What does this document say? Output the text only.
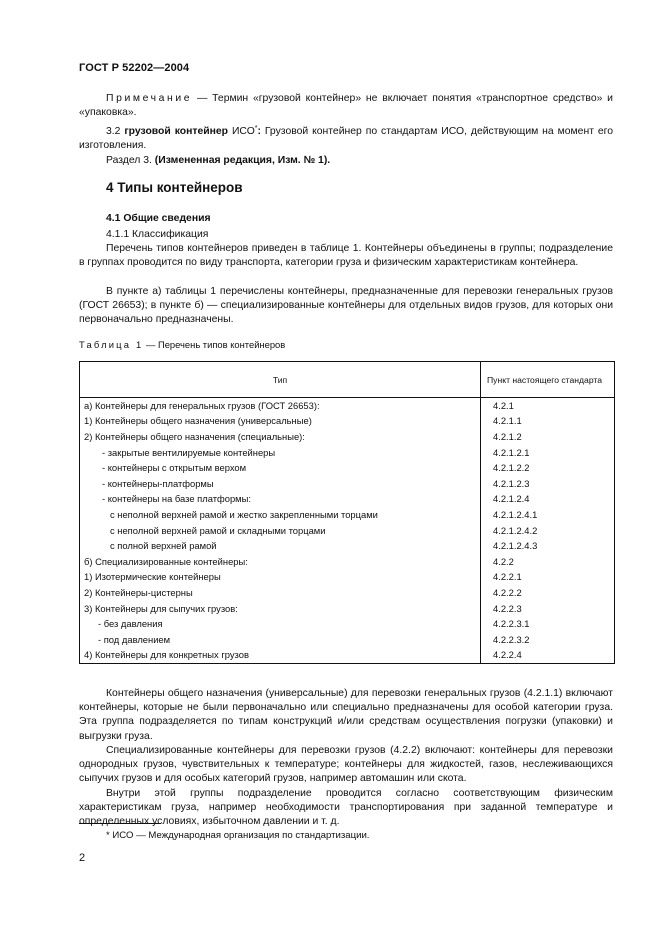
ГОСТ Р 52202—2004
Примечание — Термин «грузовой контейнер» не включает понятия «транспортное средство» и «упаковка».
3.2 грузовой контейнер ИСО*: Грузовой контейнер по стандартам ИСО, действующим на момент его изготовления.
Раздел 3. (Измененная редакция, Изм. № 1).
4 Типы контейнеров
4.1 Общие сведения
4.1.1 Классификация
Перечень типов контейнеров приведен в таблице 1. Контейнеры объединены в группы; подразделение в группах проводится по виду транспорта, категории груза и физическим характеристикам контейнера.
В пункте а) таблицы 1 перечислены контейнеры, предназначенные для перевозки генеральных грузов (ГОСТ 26653); в пункте б) — специализированные контейнеры для отдельных видов грузов, для которых они первоначально предназначены.
Таблица 1 — Перечень типов контейнеров
Тип	Пункт настоящего стандарта
а) Контейнеры для генеральных грузов (ГОСТ 26653):	4.2.1
1) Контейнеры общего назначения (универсальные)	4.2.1.1
2) Контейнеры общего назначения (специальные):	4.2.1.2
- закрытые вентилируемые контейнеры	4.2.1.2.1
- контейнеры с открытым верхом	4.2.1.2.2
- контейнеры-платформы	4.2.1.2.3
- контейнеры на базе платформы:	4.2.1.2.4
с неполной верхней рамой и жестко закрепленными торцами	4.2.1.2.4.1
с неполной верхней рамой и складными торцами	4.2.1.2.4.2
с полной верхней рамой	4.2.1.2.4.3
б) Специализированные контейнеры:	4.2.2
1) Изотермические контейнеры	4.2.2.1
2) Контейнеры-цистерны	4.2.2.2
3) Контейнеры для сыпучих грузов:	4.2.2.3
- без давления	4.2.2.3.1
- под давлением	4.2.2.3.2
4) Контейнеры для конкретных грузов	4.2.2.4
Контейнеры общего назначения (универсальные) для перевозки генеральных грузов (4.2.1.1) включают контейнеры, которые не были первоначально или специально предназначены для особой категории груза. Эта группа подразделяется по типам конструкций и/или средствам осуществления погрузки (упаковки) и выгрузки груза.
Специализированные контейнеры для перевозки грузов (4.2.2) включают: контейнеры для перевозки однородных грузов, чувствительных к температуре; контейнеры для жидкостей, газов, неслеживающихся сыпучих грузов и для особых категорий грузов, например автомашин или скота.
Внутри этой группы подразделение проводится согласно соответствующим физическим характеристикам груза, например необходимости транспортирования при заданной температуре и определенных условиях, избыточном давлении и т. д.
* ИСО — Международная организация по стандартизации.
2
